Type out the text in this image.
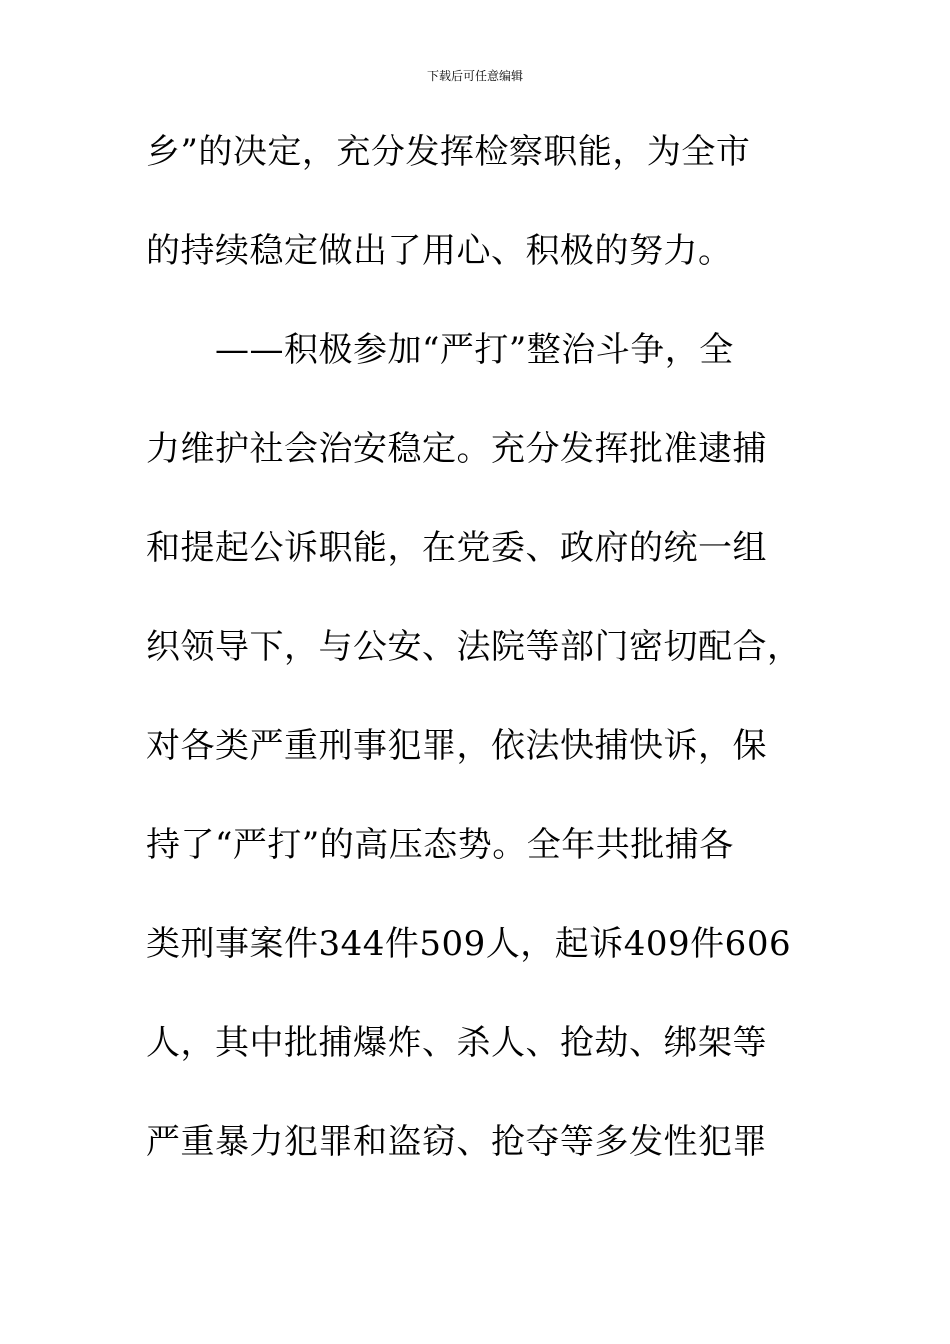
下载后可任意编辑
乡”的决定，充分发挥检察职能，为全市
的持续稳定做出了用心、积极的努力。
　　——积极参加“严打”整治斗争，全
力维护社会治安稳定。充分发挥批准逮捕
和提起公诉职能，在党委、政府的统一组
织领导下，与公安、法院等部门密切配合，
对各类严重刑事犯罪，依法快捕快诉，保
持了“严打”的高压态势。全年共批捕各
类刑事案件344件509人，起诉409件606
人，其中批捕爆炸、杀人、抢劫、绑架等
严重暴力犯罪和盗窃、抢夺等多发性犯罪
